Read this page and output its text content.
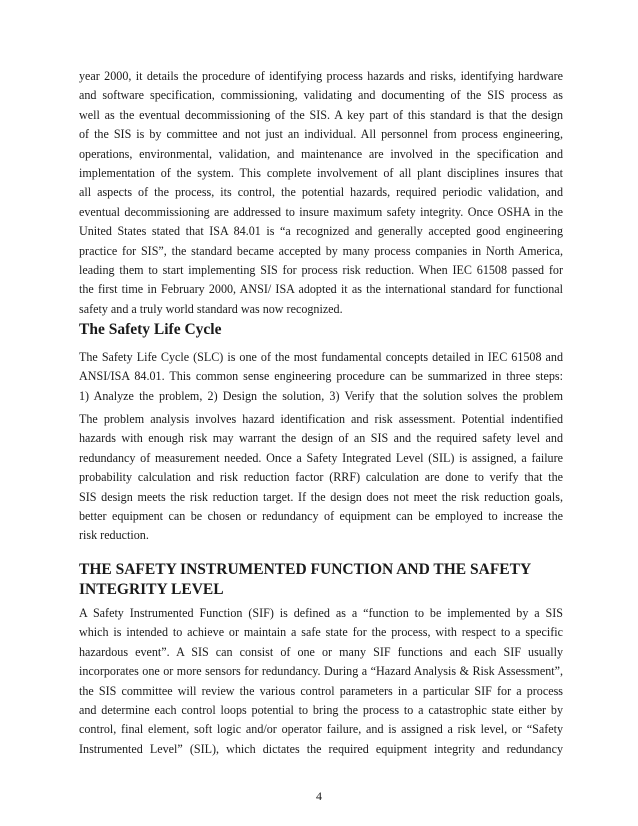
year 2000, it details the procedure of identifying process hazards and risks, identifying hardware
and software specification, commissioning, validating and documenting of the SIS process as
well as the eventual decommissioning of the SIS. A key part of this standard is that the design
of the SIS is by committee and not just an individual. All personnel from process engineering,
operations, environmental, validation, and maintenance are involved in the specification and
implementation of the system. This complete involvement of all plant disciplines insures that
all aspects of the process, its control, the potential hazards, required periodic validation, and
eventual decommissioning are addressed to insure maximum safety integrity. Once OSHA in the
United States stated that ISA 84.01 is “a recognized and generally accepted good engineering
practice for SIS”, the standard became accepted by many process companies in North America,
leading them to start implementing SIS for process risk reduction. When IEC 61508 passed for
the first time in February 2000, ANSI/ ISA adopted it as the international standard for functional
safety and a truly world standard was now recognized.
The Safety Life Cycle
The Safety Life Cycle (SLC) is one of the most fundamental concepts detailed in IEC 61508 and
ANSI/ISA 84.01. This common sense engineering procedure can be summarized in three steps:
1) Analyze the problem, 2) Design the solution, 3) Verify that the solution solves the problem
The problem analysis involves hazard identification and risk assessment. Potential indentified
hazards with enough risk may warrant the design of an SIS and the required safety level and
redundancy of measurement needed. Once a Safety Integrated Level (SIL) is assigned, a failure
probability calculation and risk reduction factor (RRF) calculation are done to verify that the
SIS design meets the risk reduction target. If the design does not meet the risk reduction goals,
better equipment can be chosen or redundancy of equipment can be employed to increase the
risk reduction.
THE SAFETY INSTRUMENTED FUNCTION AND THE SAFETY
INTEGRITY LEVEL
A Safety Instrumented Function (SIF) is defined as a “function to be implemented by a SIS
which is intended to achieve or maintain a safe state for the process, with respect to a specific
hazardous event”. A SIS can consist of one or many SIF functions and each SIF usually
incorporates one or more sensors for redundancy. During a “Hazard Analysis & Risk Assessment”,
the SIS committee will review the various control parameters in a particular SIF for a process
and determine each control loops potential to bring the process to a catastrophic state either by
control, final element, soft logic and/or operator failure, and is assigned a risk level, or “Safety
Instrumented Level” (SIL), which dictates the required equipment integrity and redundancy
4
